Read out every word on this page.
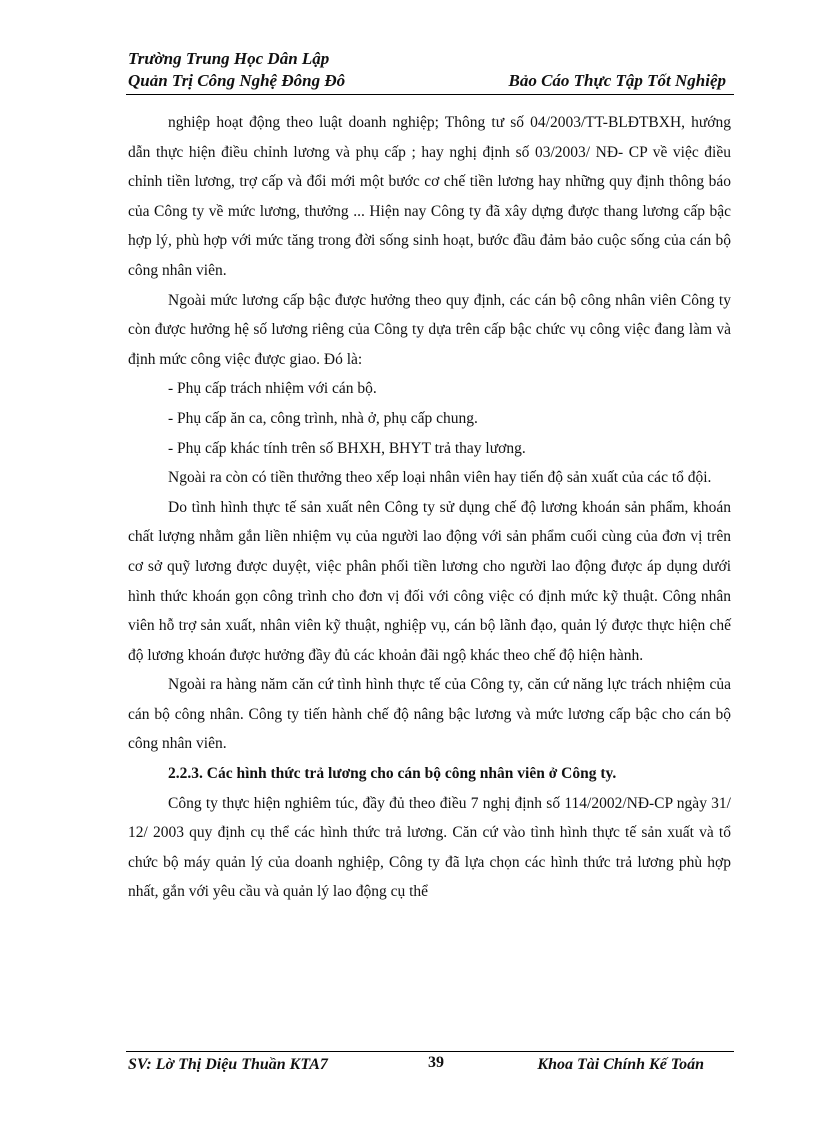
Trường Trung Học Dân Lập
Quản Trị Công Nghệ Đông Đô	Bảo Cáo Thực Tập Tốt Nghiệp

nghiệp hoạt động theo luật doanh nghiệp; Thông tư số 04/2003/TT-BLĐTBXH, hướng dẫn thực hiện điều chỉnh lương và phụ cấp ; hay nghị định số 03/2003/ NĐ- CP về việc điều chỉnh tiền lương, trợ cấp và đổi mới một bước cơ chế tiền lương hay những quy định thông báo của Công ty về mức lương, thưởng ... Hiện nay Công ty đã xây dựng được thang lương cấp bậc hợp lý, phù hợp với mức tăng trong đời sống sinh hoạt, bước đầu đảm bảo cuộc sống của cán bộ công nhân viên.

Ngoài mức lương cấp bậc được hưởng theo quy định, các cán bộ công nhân viên Công ty còn được hưởng hệ số lương riêng của Công ty dựa trên cấp bậc chức vụ công việc đang làm và định mức công việc được giao. Đó là:

- Phụ cấp trách nhiệm với cán bộ.

- Phụ cấp ăn ca, công trình, nhà ở, phụ cấp chung.

- Phụ cấp khác tính trên số BHXH, BHYT trả thay lương.

Ngoài ra còn có tiền thưởng theo xếp loại nhân viên hay tiến độ sản xuất của các tổ đội.

Do tình hình thực tế sản xuất nên Công ty sử dụng chế độ lương khoán sản phẩm, khoán chất lượng nhằm gắn liền nhiệm vụ của người lao động với sản phẩm cuối cùng của đơn vị trên cơ sở quỹ lương được duyệt, việc phân phối tiền lương cho người lao động được áp dụng dưới hình thức khoán gọn công trình cho đơn vị đối với công việc có định mức kỹ thuật. Công nhân viên hỗ trợ sản xuất, nhân viên kỹ thuật, nghiệp vụ, cán bộ lãnh đạo, quản lý được thực hiện chế độ lương khoán được hưởng đầy đủ các khoản đãi ngộ khác theo chế độ hiện hành.

Ngoài ra hàng năm căn cứ tình hình thực tế của Công ty, căn cứ năng lực trách nhiệm của cán bộ công nhân. Công ty tiến hành chế độ nâng bậc lương và mức lương cấp bậc cho cán bộ công nhân viên.

2.2.3. Các hình thức trả lương cho cán bộ công nhân viên ở Công ty.

Công ty thực hiện nghiêm túc, đầy đủ theo điều 7 nghị định số 114/2002/NĐ-CP ngày 31/ 12/ 2003 quy định cụ thể các hình thức trả lương. Căn cứ vào tình hình thực tế sản xuất và tổ chức bộ máy quản lý của doanh nghiệp, Công ty đã lựa chọn các hình thức trả lương phù hợp nhất, gắn với yêu cầu và quản lý lao động cụ thể

SV: Lờ Thị Diệu Thuần KTA7	39	Khoa Tài Chính Kế Toán
